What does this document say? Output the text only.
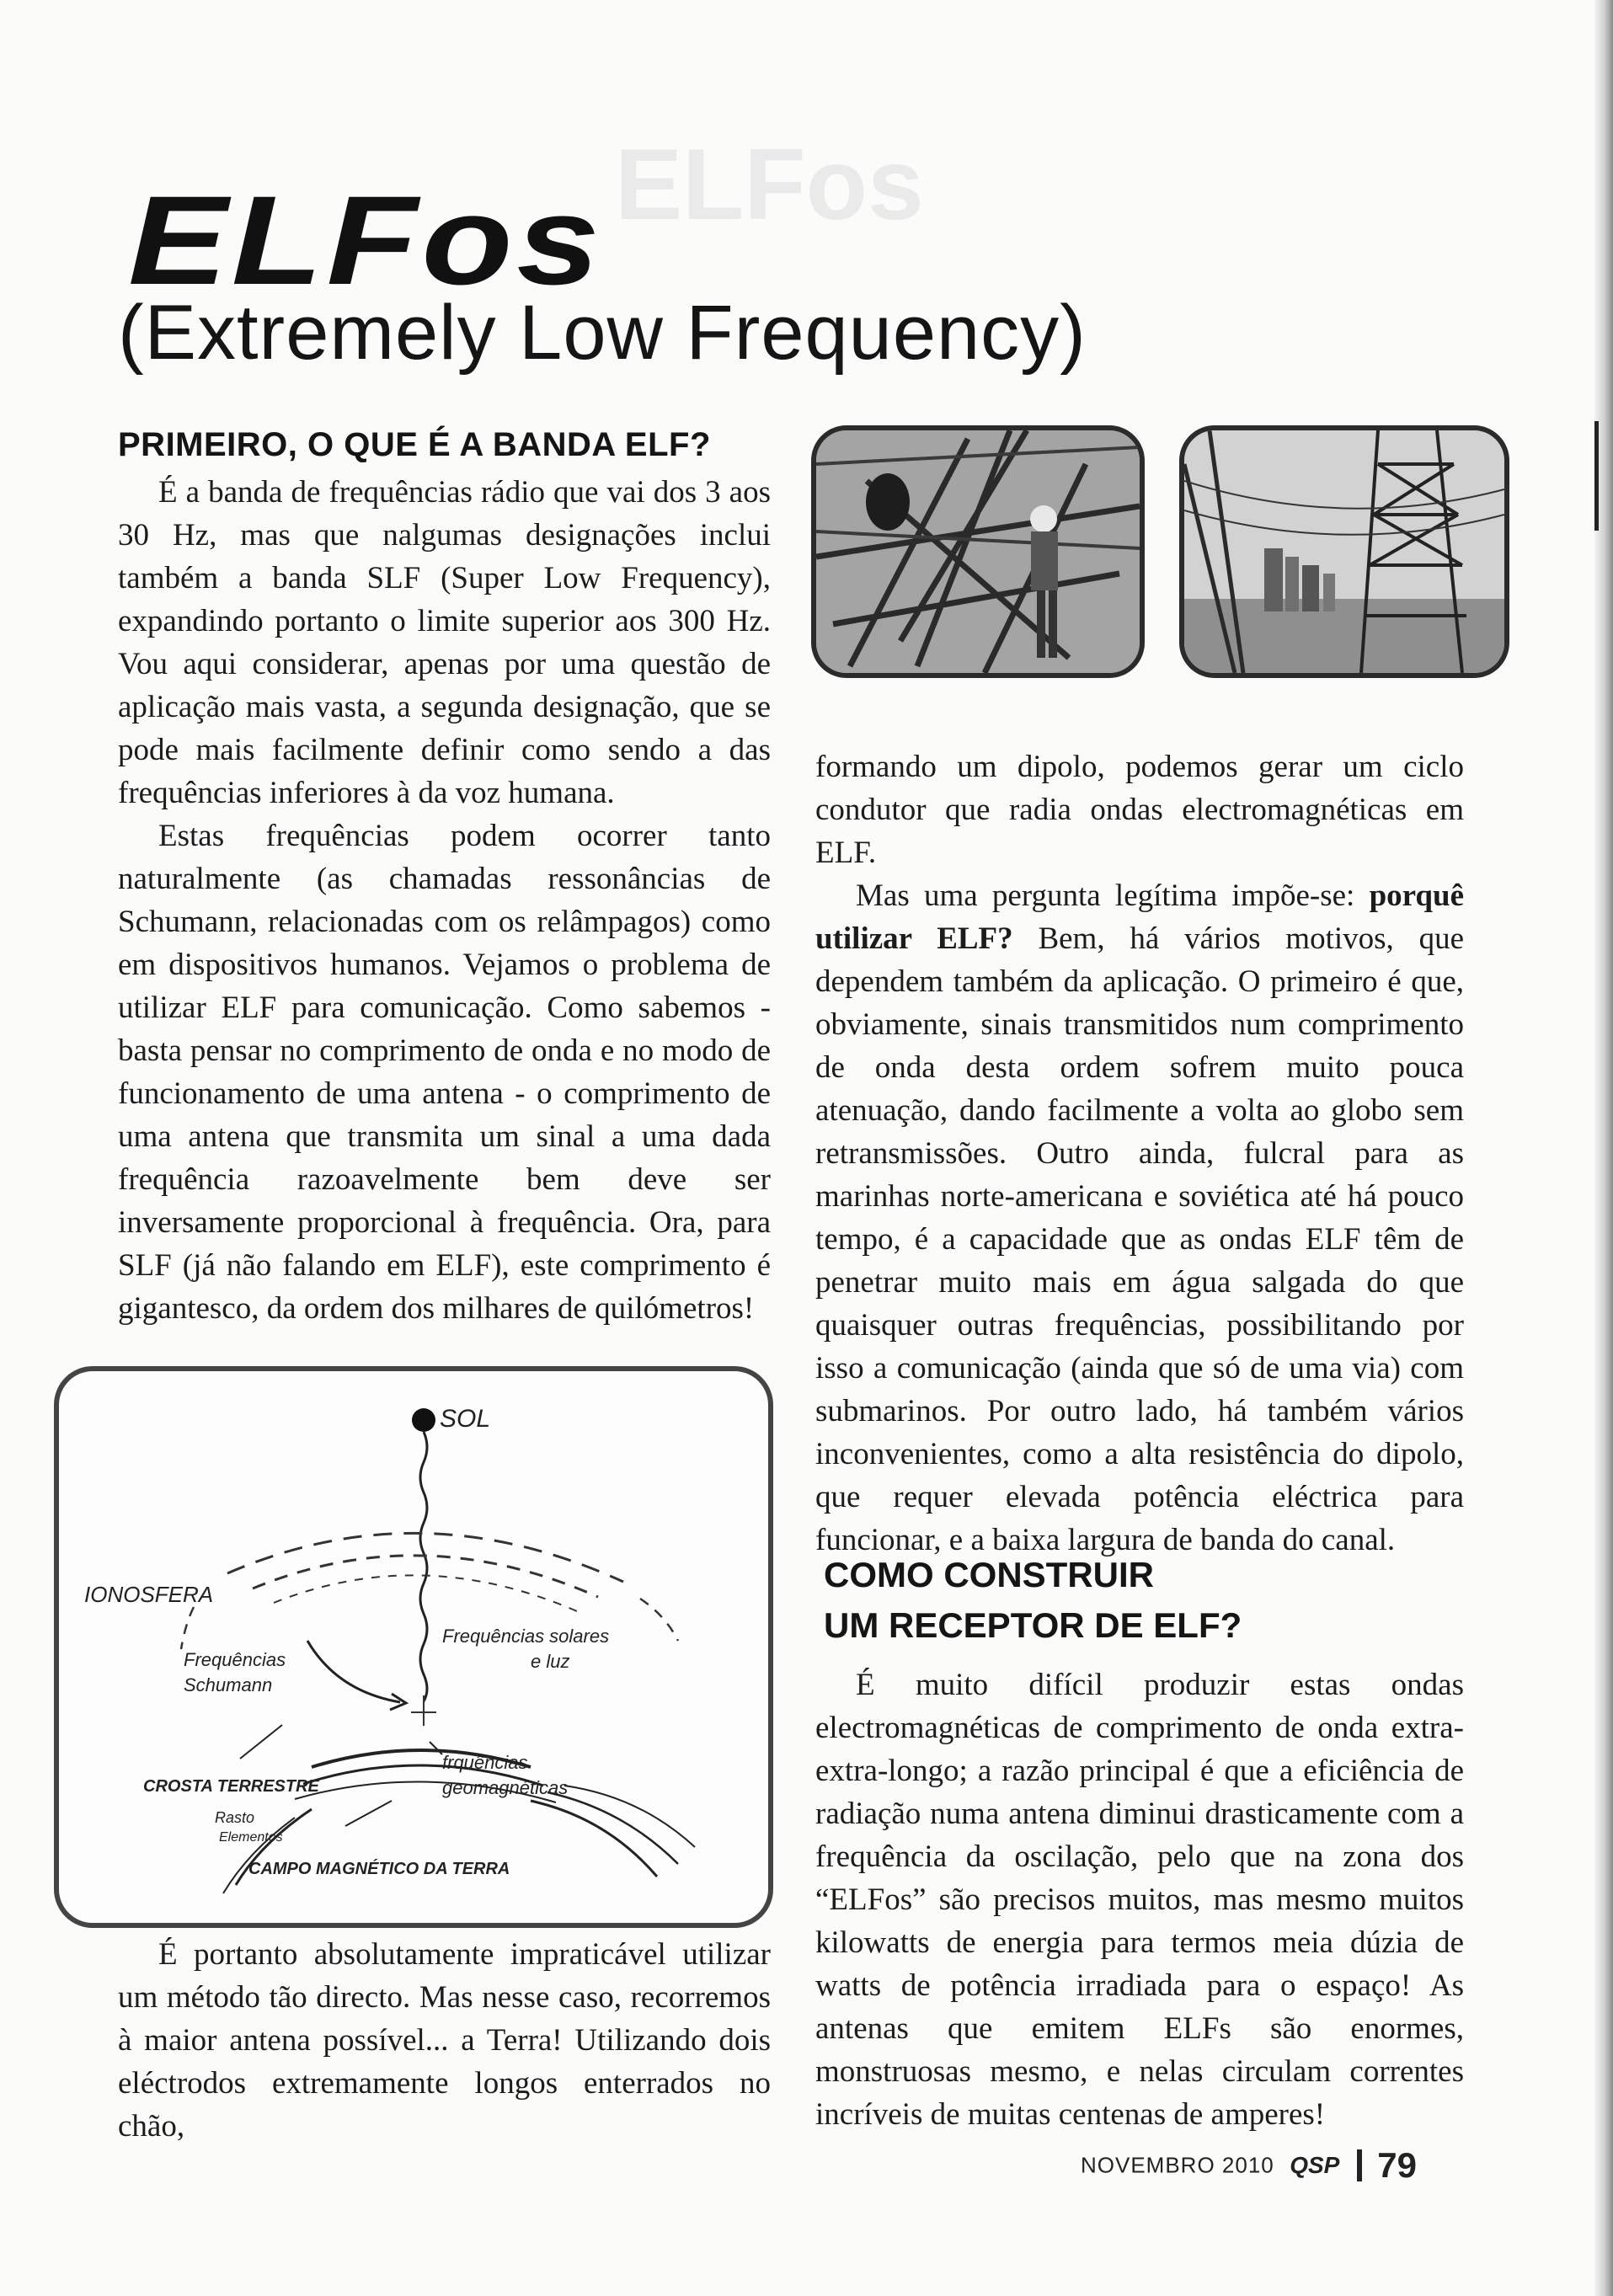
ELFos
ELFos
(Extremely Low Frequency)
PRIMEIRO, O QUE É A BANDA ELF?

É a banda de frequências rádio que vai dos 3 aos 30 Hz, mas que nalgumas designações inclui também a banda SLF (Super Low Frequency), expandindo portanto o limite superior aos 300 Hz. Vou aqui considerar, apenas por uma questão de aplicação mais vasta, a segunda designação, que se pode mais facilmente definir como sendo a das frequências inferiores à da voz humana.

Estas frequências podem ocorrer tanto naturalmente (as chamadas ressonâncias de Schumann, relacionadas com os relâmpagos) como em dispositivos humanos. Vejamos o problema de utilizar ELF para comunicação. Como sabemos - basta pensar no comprimento de onda e no modo de funcionamento de uma antena - o comprimento de uma antena que transmita um sinal a uma dada frequência razoavelmente bem deve ser inversamente proporcional à frequência. Ora, para SLF (já não falando em ELF), este comprimento é gigantesco, da ordem dos milhares de quilómetros!

SOL
IONOSFERA
Frequências
Schumann
Frequências solares
e luz
frquências
geomagnéticas
CROSTA TERRESTRE
Rasto
Elementos
CAMPO MAGNÉTICO DA TERRA

É portanto absolutamente impraticável utilizar um método tão directo. Mas nesse caso, recorremos à maior antena possível... a Terra! Utilizando dois eléctrodos extremamente longos enterrados no chão,

formando um dipolo, podemos gerar um ciclo condutor que radia ondas electromagnéticas em ELF.

Mas uma pergunta legítima impõe-se: porquê utilizar ELF? Bem, há vários motivos, que dependem também da aplicação. O primeiro é que, obviamente, sinais transmitidos num comprimento de onda desta ordem sofrem muito pouca atenuação, dando facilmente a volta ao globo sem retransmissões. Outro ainda, fulcral para as marinhas norte-americana e soviética até há pouco tempo, é a capacidade que as ondas ELF têm de penetrar muito mais em água salgada do que quaisquer outras frequências, possibilitando por isso a comunicação (ainda que só de uma via) com submarinos. Por outro lado, há também vários inconvenientes, como a alta resistência do dipolo, que requer elevada potência eléctrica para funcionar, e a baixa largura de banda do canal.

COMO CONSTRUIR
UM RECEPTOR DE ELF?

É muito difícil produzir estas ondas electromagnéticas de comprimento de onda extra-extra-longo; a razão principal é que a eficiência de radiação numa antena diminui drasticamente com a frequência da oscilação, pelo que na zona dos “ELFos” são precisos muitos, mas mesmo muitos kilowatts de energia para termos meia dúzia de watts de potência irradiada para o espaço! As antenas que emitem ELFs são enormes, monstruosas mesmo, e nelas circulam correntes incríveis de muitas centenas de amperes!

NOVEMBRO 2010 QSP 79
